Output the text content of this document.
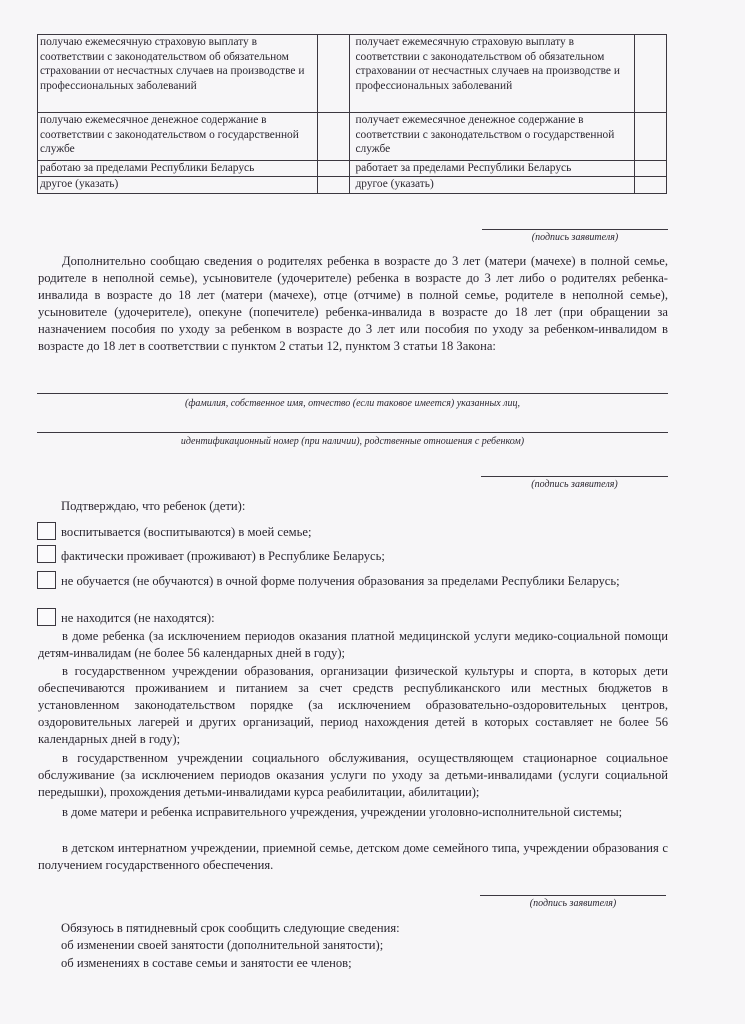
получаю ежемесячную страховую выплату в соответствии с законодательством об обязательном страховании от несчастных случаев на производстве и профессиональных заболеваний		получает ежемесячную страховую выплату в соответствии с законодательством об обязательном страховании от несчастных случаев на производстве и профессиональных заболеваний	
получаю ежемесячное денежное содержание в соответствии с законодательством о государственной службе		получает ежемесячное денежное содержание в соответствии с законодательством о государственной службе	
работаю за пределами Республики Беларусь		работает за пределами Республики Беларусь	
другое (указать)		другое (указать)	
(подпись заявителя)

Дополнительно сообщаю сведения о родителях ребенка в возрасте до 3 лет (матери (мачехе) в полной семье, родителе в неполной семье), усыновителе (удочерителе) ребенка в возрасте до 3 лет либо о родителях ребенка-инвалида в возрасте до 18 лет (матери (мачехе), отце (отчиме) в полной семье, родителе в неполной семье), усыновителе (удочерителе), опекуне (попечителе) ребенка-инвалида в возрасте до 18 лет (при обращении за назначением пособия по уходу за ребенком в возрасте до 3 лет или пособия по уходу за ребенком-инвалидом в возрасте до 18 лет в соответствии с пунктом 2 статьи 12, пунктом 3 статьи 18 Закона:

(фамилия, собственное имя, отчество (если таковое имеется) указанных лиц,
идентификационный номер (при наличии), родственные отношения с ребенком)
(подпись заявителя)
Подтверждаю, что ребенок (дети):
воспитывается (воспитываются) в моей семье;
фактически проживает (проживают) в Республике Беларусь;
не обучается (не обучаются) в очной форме получения образования за пределами Республики Беларусь;
не находится (не находятся):
в доме ребенка (за исключением периодов оказания платной медицинской услуги медико-социальной помощи детям-инвалидам (не более 56 календарных дней в году);
в государственном учреждении образования, организации физической культуры и спорта, в которых дети обеспечиваются проживанием и питанием за счет средств республиканского или местных бюджетов в установленном законодательством порядке (за исключением образовательно-оздоровительных центров, оздоровительных лагерей и других организаций, период нахождения детей в которых составляет не более 56 календарных дней в году);
в государственном учреждении социального обслуживания, осуществляющем стационарное социальное обслуживание (за исключением периодов оказания услуги по уходу за детьми-инвалидами (услуги социальной передышки), прохождения детьми-инвалидами курса реабилитации, абилитации);
в доме матери и ребенка исправительного учреждения, учреждении уголовно-исполнительной системы;
в детском интернатном учреждении, приемной семье, детском доме семейного типа, учреждении образования с получением государственного обеспечения.
(подпись заявителя)
Обязуюсь в пятидневный срок сообщить следующие сведения:
об изменении своей занятости (дополнительной занятости);
об изменениях в составе семьи и занятости ее членов;
